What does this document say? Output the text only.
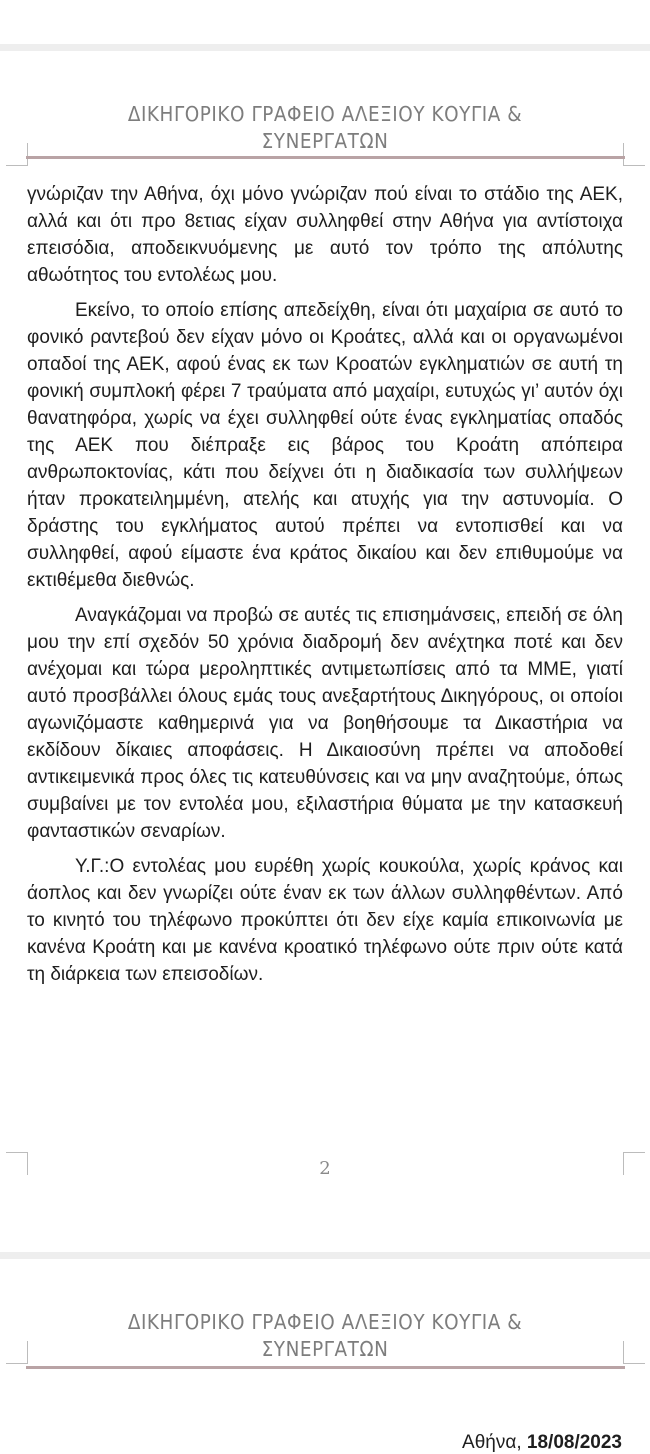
ΔΙΚΗΓΟΡΙΚΟ ΓΡΑΦΕΙΟ ΑΛΕΞΙΟΥ ΚΟΥΓΙΑ &
ΣΥΝΕΡΓΑΤΩΝ

γνώριζαν την Αθήνα, όχι μόνο γνώριζαν πού είναι το στάδιο της ΑΕΚ, αλλά και ότι προ 8ετιας είχαν συλληφθεί στην Αθήνα για αντίστοιχα επεισόδια, αποδεικνυόμενης με αυτό τον τρόπο της απόλυτης αθωότητος του εντολέως μου.

Εκείνο, το οποίο επίσης απεδείχθη, είναι ότι μαχαίρια σε αυτό το φονικό ραντεβού δεν είχαν μόνο οι Κροάτες, αλλά και οι οργανωμένοι οπαδοί της ΑΕΚ, αφού ένας εκ των Κροατών εγκληματιών σε αυτή τη φονική συμπλοκή φέρει 7 τραύματα από μαχαίρι, ευτυχώς γι’ αυτόν όχι θανατηφόρα, χωρίς να έχει συλληφθεί ούτε ένας εγκληματίας οπαδός της ΑΕΚ που διέπραξε εις βάρος του Κροάτη απόπειρα ανθρωποκτονίας, κάτι που δείχνει ότι η διαδικασία των συλλήψεων ήταν προκατειλημμένη, ατελής και ατυχής για την αστυνομία. Ο δράστης του εγκλήματος αυτού πρέπει να εντοπισθεί και να συλληφθεί, αφού είμαστε ένα κράτος δικαίου και δεν επιθυμούμε να εκτιθέμεθα διεθνώς.

Αναγκάζομαι να προβώ σε αυτές τις επισημάνσεις, επειδή σε όλη μου την επί σχεδόν 50 χρόνια διαδρομή δεν ανέχτηκα ποτέ και δεν ανέχομαι και τώρα μεροληπτικές αντιμετωπίσεις από τα ΜΜΕ, γιατί αυτό προσβάλλει όλους εμάς τους ανεξαρτήτους Δικηγόρους, οι οποίοι αγωνιζόμαστε καθημερινά για να βοηθήσουμε τα Δικαστήρια να εκδίδουν δίκαιες αποφάσεις. Η Δικαιοσύνη πρέπει να αποδοθεί αντικειμενικά προς όλες τις κατευθύνσεις και να μην αναζητούμε, όπως συμβαίνει με τον εντολέα μου, εξιλαστήρια θύματα με την κατασκευή φανταστικών σεναρίων.

Υ.Γ.:Ο εντολέας μου ευρέθη χωρίς κουκούλα, χωρίς κράνος και άοπλος και δεν γνωρίζει ούτε έναν εκ των άλλων συλληφθέντων. Από το κινητό του τηλέφωνο προκύπτει ότι δεν είχε καμία επικοινωνία με κανένα Κροάτη και με κανένα κροατικό τηλέφωνο ούτε πριν ούτε κατά τη διάρκεια των επεισοδίων.

2
ΔΙΚΗΓΟΡΙΚΟ ΓΡΑΦΕΙΟ ΑΛΕΞΙΟΥ ΚΟΥΓΙΑ &
ΣΥΝΕΡΓΑΤΩΝ
Αθήνα, 18/08/2023
